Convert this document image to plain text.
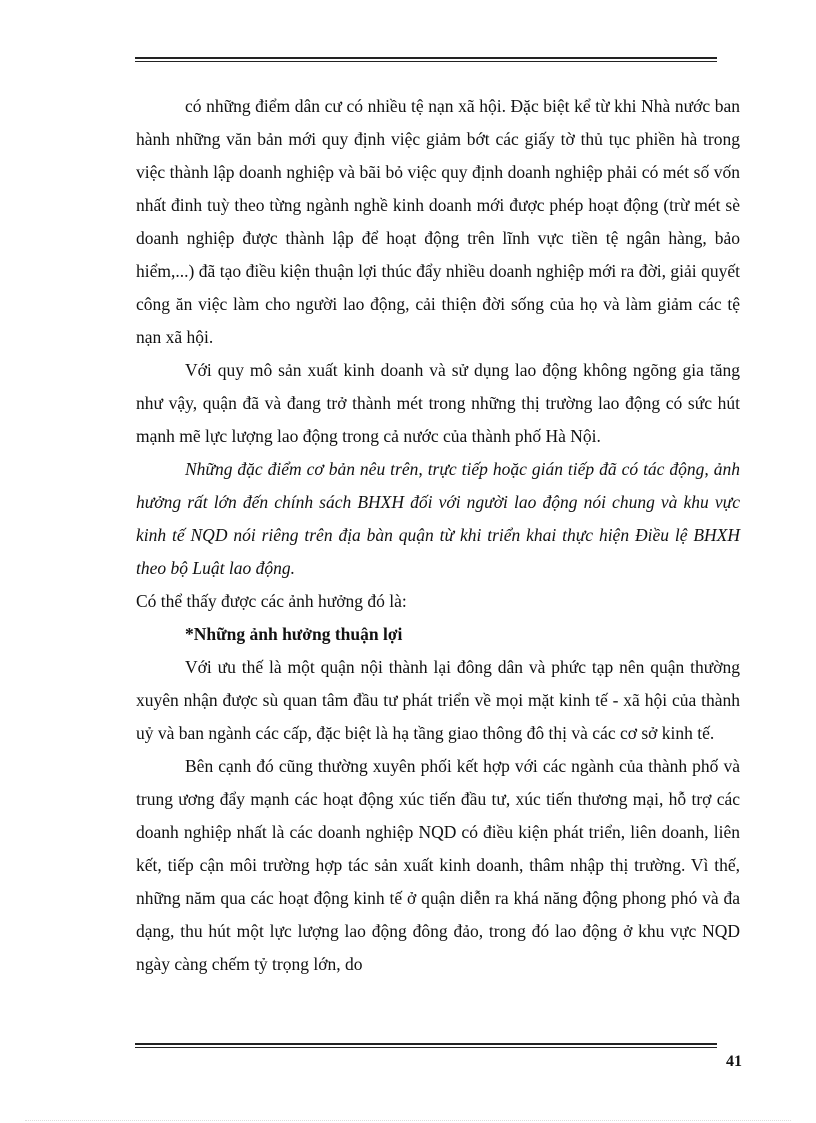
có những điểm dân cư có nhiều tệ nạn xã hội. Đặc biệt kể từ khi Nhà nước ban hành những văn bản mới quy định việc giảm bớt các giấy tờ thủ tục phiền hà trong việc thành lập doanh nghiệp và bãi bỏ việc quy định doanh nghiệp phải có mét số vốn nhất đinh tuỳ theo từng ngành nghề kinh doanh mới được phép hoạt động (trừ mét sè doanh nghiệp được thành lập để hoạt động trên lĩnh vực tiền tệ ngân hàng, bảo hiểm,...) đã tạo điều kiện thuận lợi thúc đẩy nhiều doanh nghiệp mới ra đời, giải quyết công ăn việc làm cho người lao động, cải thiện đời sống của họ và làm giảm các tệ nạn xã hội.

Với quy mô sản xuất kinh doanh và sử dụng lao động không ngõng gia tăng như vậy, quận đã và đang trở thành mét trong những thị trường lao động có sức hút mạnh mẽ lực lượng lao động trong cả nước của thành phố Hà Nội.

Những đặc điểm cơ bản nêu trên, trực tiếp hoặc gián tiếp đã có tác động, ảnh hưởng rất lớn đến chính sách BHXH đối với người lao động nói chung và khu vực kinh tế NQD nói riêng trên địa bàn quận từ khi triển khai thực hiện Điều lệ BHXH theo bộ Luật lao động.

Có thể thấy được các ảnh hưởng đó là:

*Những ảnh hưởng thuận lợi

Với ưu thế là một quận nội thành lại đông dân và phức tạp nên quận thường xuyên nhận được sù quan tâm đầu tư phát triển về mọi mặt kinh tế - xã hội của thành uỷ và ban ngành các cấp, đặc biệt là hạ tầng giao thông đô thị và các cơ sở kinh tế.

Bên cạnh đó cũng thường xuyên phối kết hợp với các ngành của thành phố và trung ương đẩy mạnh các hoạt động xúc tiến đầu tư, xúc tiến thương mại, hỗ trợ các doanh nghiệp nhất là các doanh nghiệp NQD có điều kiện phát triển, liên doanh, liên kết, tiếp cận môi trường hợp tác sản xuất kinh doanh, thâm nhập thị trường. Vì thế, những năm qua các hoạt động kinh tế ở quận diễn ra khá năng động phong phó và đa dạng, thu hút một lực lượng lao động đông đảo, trong đó lao động ở khu vực NQD ngày càng chếm tỷ trọng lớn, do

41
